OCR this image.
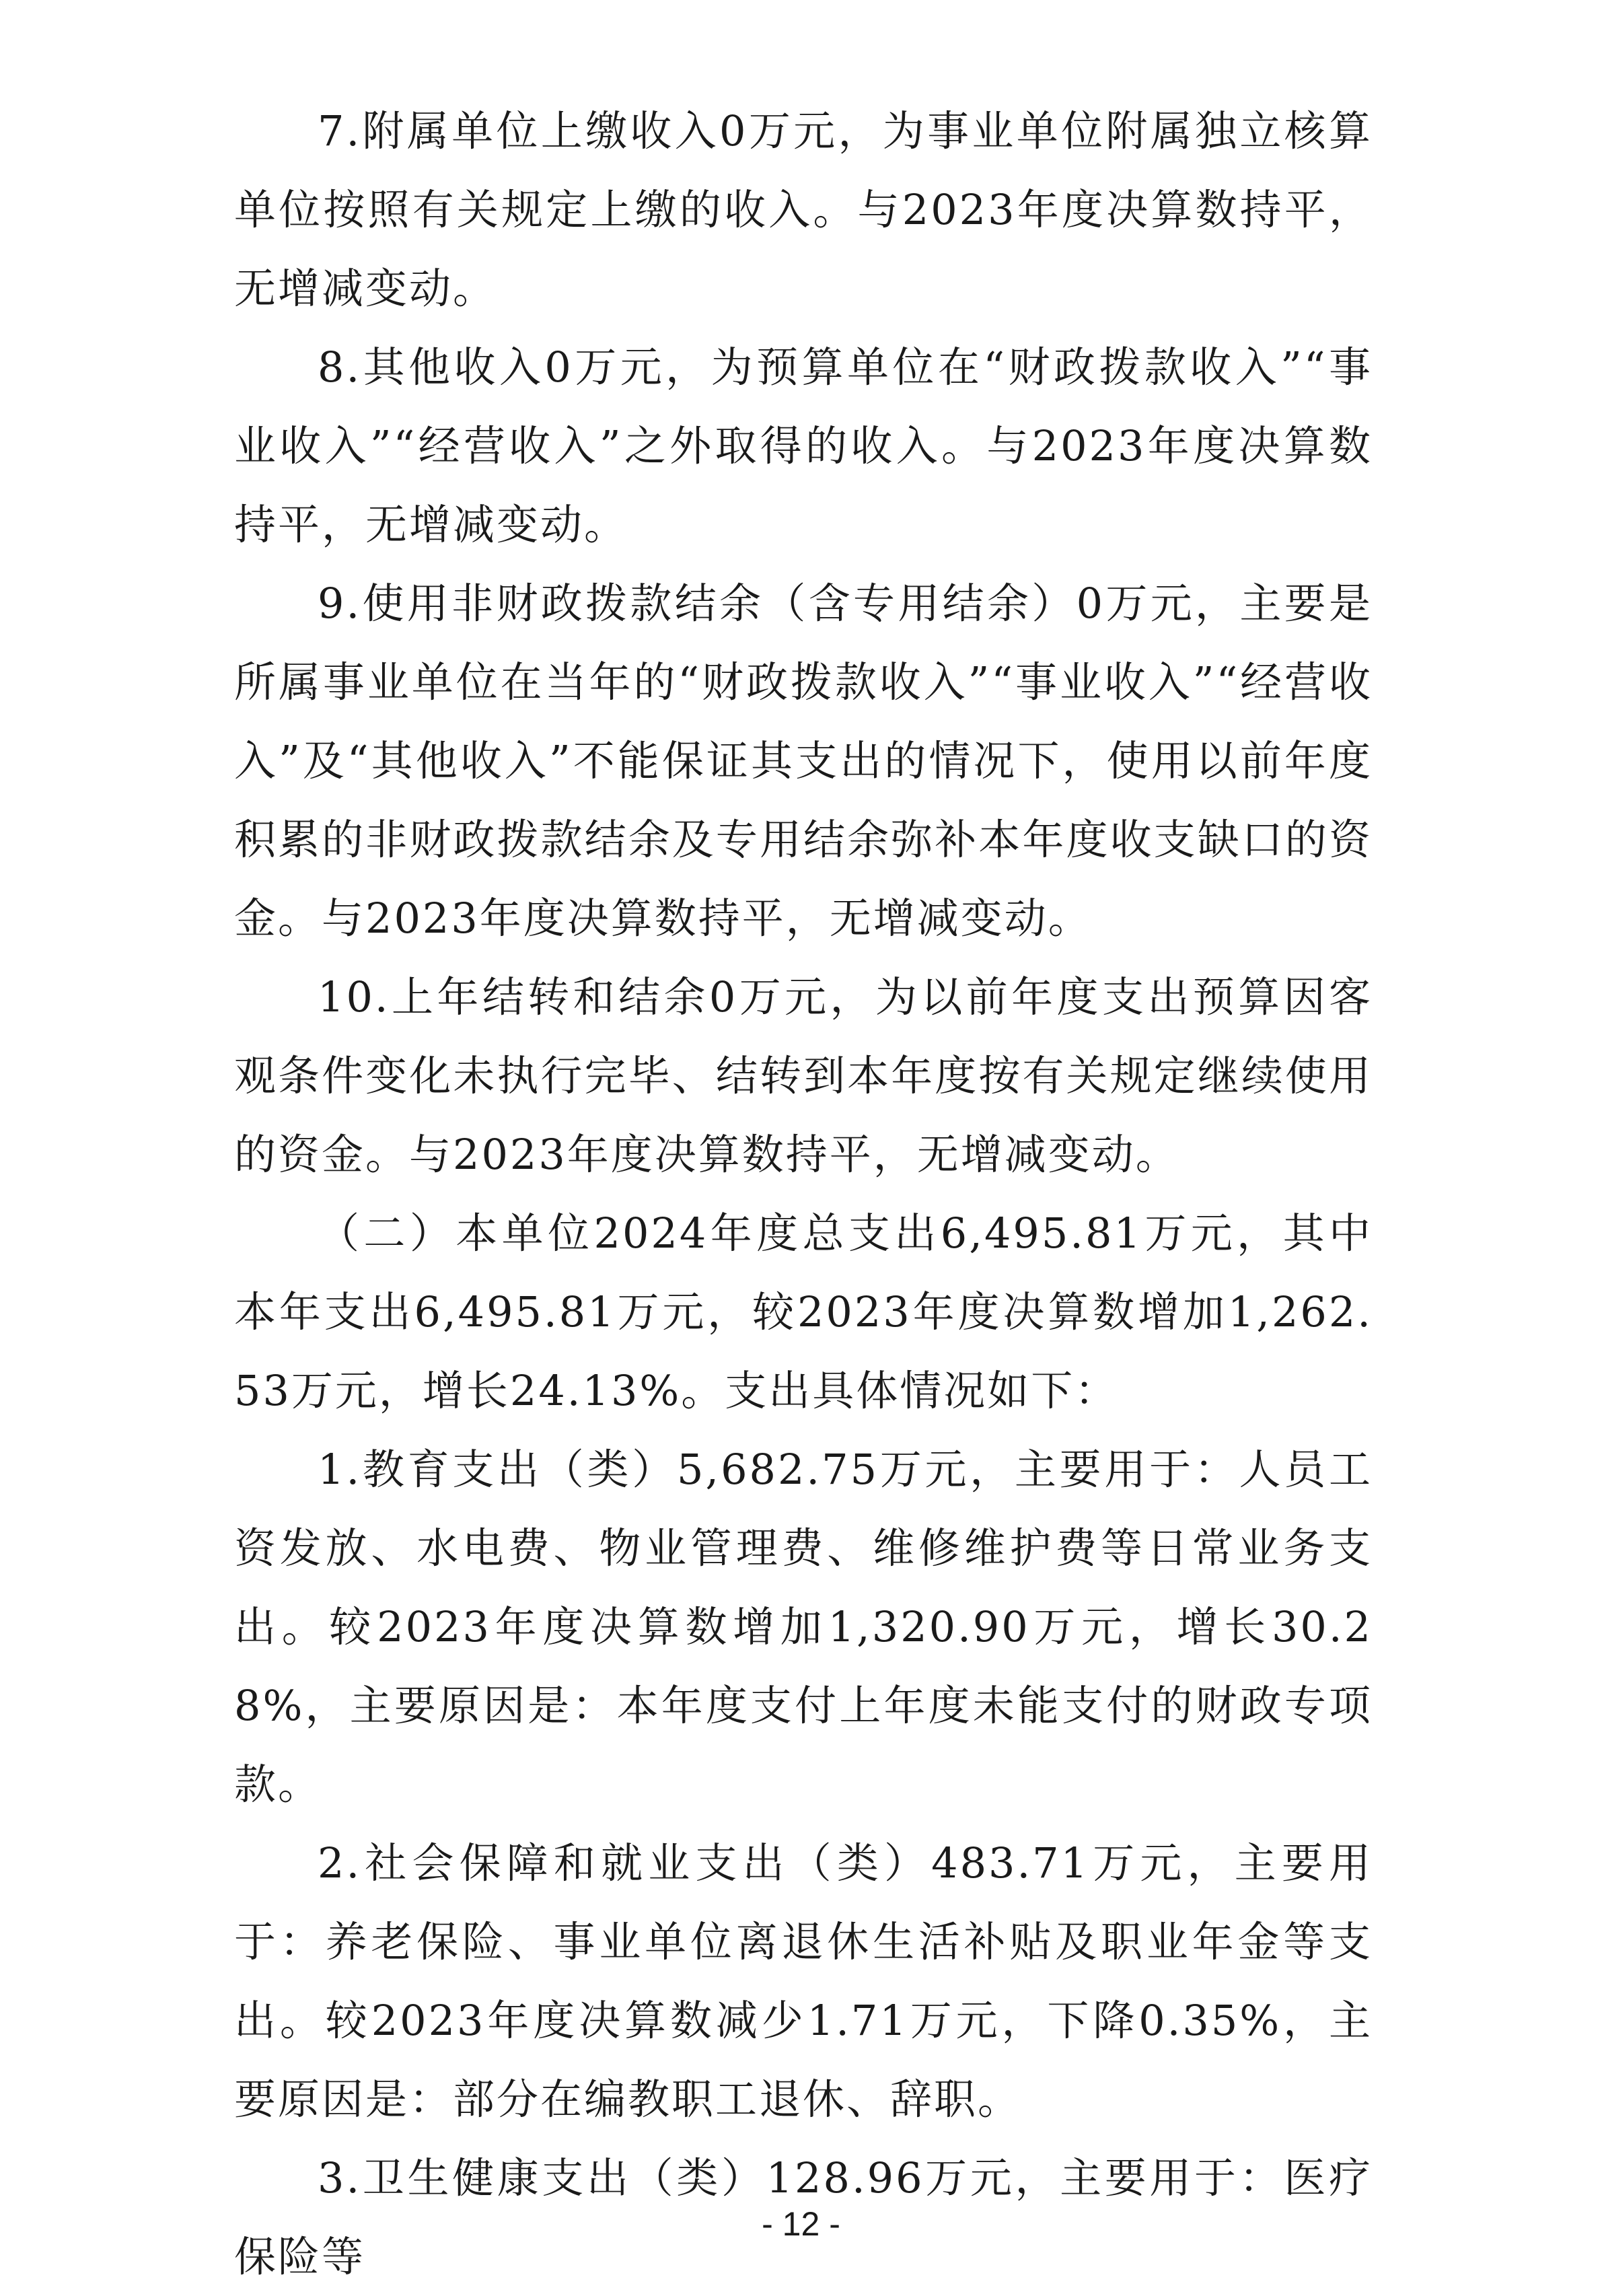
7.附属单位上缴收入0万元，为事业单位附属独立核算单位按照有关规定上缴的收入。与2023年度决算数持平，无增减变动。

8.其他收入0万元，为预算单位在“财政拨款收入”“事业收入”“经营收入”之外取得的收入。与2023年度决算数持平，无增减变动。

9.使用非财政拨款结余（含专用结余）0万元，主要是所属事业单位在当年的“财政拨款收入”“事业收入”“经营收入”及“其他收入”不能保证其支出的情况下，使用以前年度积累的非财政拨款结余及专用结余弥补本年度收支缺口的资金。与2023年度决算数持平，无增减变动。

10.上年结转和结余0万元，为以前年度支出预算因客观条件变化未执行完毕、结转到本年度按有关规定继续使用的资金。与2023年度决算数持平，无增减变动。

（二）本单位2024年度总支出6,495.81万元，其中本年支出6,495.81万元，较2023年度决算数增加1,262.53万元，增长24.13%。支出具体情况如下：

1.教育支出（类）5,682.75万元，主要用于：人员工资发放、水电费、物业管理费、维修维护费等日常业务支出。较2023年度决算数增加1,320.90万元，增长30.28%，主要原因是：本年度支付上年度未能支付的财政专项款。

2.社会保障和就业支出（类）483.71万元，主要用于：养老保险、事业单位离退休生活补贴及职业年金等支出。较2023年度决算数减少1.71万元，下降0.35%，主要原因是：部分在编教职工退休、辞职。

3.卫生健康支出（类）128.96万元，主要用于：医疗保险等

- 12 -
